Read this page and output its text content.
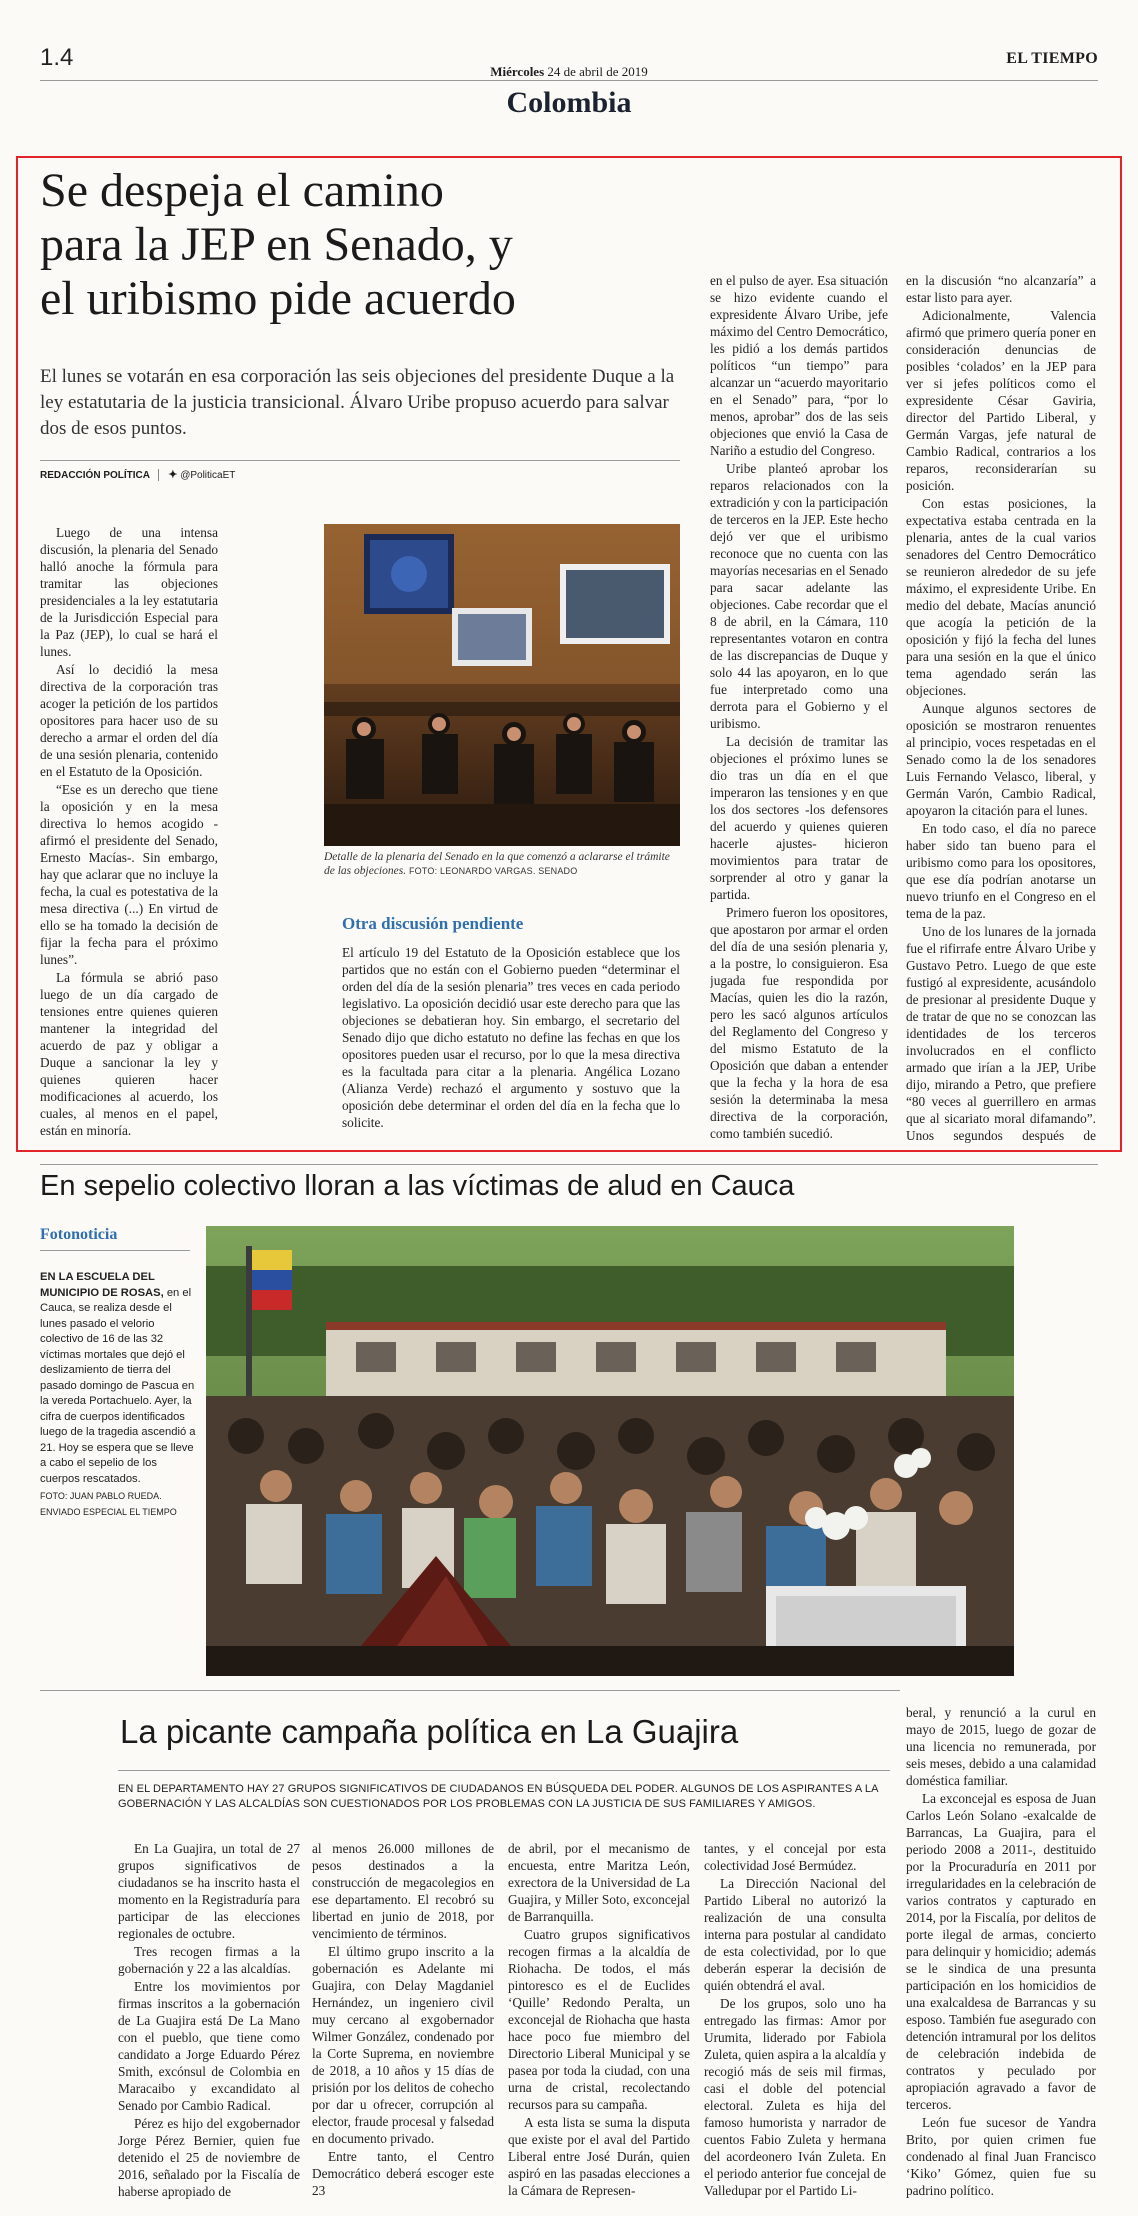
1.4
Miércoles 24 de abril de 2019
Colombia
EL TIEMPO
Se despeja el camino
para la JEP en Senado, y
el uribismo pide acuerdo
El lunes se votarán en esa corporación las seis objeciones del presidente Duque a la ley estatutaria de la justicia transicional. Álvaro Uribe propuso acuerdo para salvar dos de esos puntos.
REDACCIÓN POLÍTICA ✦ @PoliticaET

Luego de una intensa discusión, la plenaria del Senado halló anoche la fórmula para tramitar las objeciones presidenciales a la ley estatutaria de la Jurisdicción Especial para la Paz (JEP), lo cual se hará el lunes.

Así lo decidió la mesa directiva de la corporación tras acoger la petición de los partidos opositores para hacer uso de su derecho a armar el orden del día de una sesión plenaria, contenido en el Estatuto de la Oposición.

“Ese es un derecho que tiene la oposición y en la mesa directiva lo hemos acogido -afirmó el presidente del Senado, Ernesto Macías-. Sin embargo, hay que aclarar que no incluye la fecha, la cual es potestativa de la mesa directiva (...) En virtud de ello se ha tomado la decisión de fijar la fecha para el próximo lunes”.

La fórmula se abrió paso luego de un día cargado de tensiones entre quienes quieren mantener la integridad del acuerdo de paz y obligar a Duque a sancionar la ley y quienes quieren hacer modificaciones al acuerdo, los cuales, al menos en el papel, están en minoría.

Detalle de la plenaria del Senado en la que comenzó a aclararse el trámite de las objeciones. FOTO: LEONARDO VARGAS. SENADO
Otra discusión pendiente
El artículo 19 del Estatuto de la Oposición establece que los partidos que no están con el Gobierno pueden “determinar el orden del día de la sesión plenaria” tres veces en cada periodo legislativo. La oposición decidió usar este derecho para que las objeciones se debatieran hoy. Sin embargo, el secretario del Senado dijo que dicho estatuto no define las fechas en que los opositores pueden usar el recurso, por lo que la mesa directiva es la facultada para citar a la plenaria. Angélica Lozano (Alianza Verde) rechazó el argumento y sostuvo que la oposición debe determinar el orden del día en la fecha que lo solicite.

en el pulso de ayer. Esa situación se hizo evidente cuando el expresidente Álvaro Uribe, jefe máximo del Centro Democrático, les pidió a los demás partidos políticos “un tiempo” para alcanzar un “acuerdo mayoritario en el Senado” para, “por lo menos, aprobar” dos de las seis objeciones que envió la Casa de Nariño a estudio del Congreso.

Uribe planteó aprobar los reparos relacionados con la extradición y con la participación de terceros en la JEP. Este hecho dejó ver que el uribismo reconoce que no cuenta con las mayorías necesarias en el Senado para sacar adelante las objeciones. Cabe recordar que el 8 de abril, en la Cámara, 110 representantes votaron en contra de las discrepancias de Duque y solo 44 las apoyaron, en lo que fue interpretado como una derrota para el Gobierno y el uribismo.

La decisión de tramitar las objeciones el próximo lunes se dio tras un día en el que imperaron las tensiones y en que los dos sectores -los defensores del acuerdo y quienes quieren hacerle ajustes- hicieron movimientos para tratar de sorprender al otro y ganar la partida.

Primero fueron los opositores, que apostaron por armar el orden del día de una sesión plenaria y, a la postre, lo consiguieron. Esa jugada fue respondida por Macías, quien les dio la razón, pero les sacó algunos artículos del Reglamento del Congreso y del mismo Estatuto de la Oposición que daban a entender que la fecha y la hora de esa sesión la determinaba la mesa directiva de la corporación, como también sucedió.

en la discusión “no alcanzaría” a estar listo para ayer.

Adicionalmente, Valencia afirmó que primero quería poner en consideración denuncias de posibles ‘colados’ en la JEP para ver si jefes políticos como el expresidente César Gaviria, director del Partido Liberal, y Germán Vargas, jefe natural de Cambio Radical, contrarios a los reparos, reconsiderarían su posición.

Con estas posiciones, la expectativa estaba centrada en la plenaria, antes de la cual varios senadores del Centro Democrático se reunieron alrededor de su jefe máximo, el expresidente Uribe. En medio del debate, Macías anunció que acogía la petición de la oposición y fijó la fecha del lunes para una sesión en la que el único tema agendado serán las objeciones.

Aunque algunos sectores de oposición se mostraron renuentes al principio, voces respetadas en el Senado como la de los senadores Luis Fernando Velasco, liberal, y Germán Varón, Cambio Radical, apoyaron la citación para el lunes.

En todo caso, el día no parece haber sido tan bueno para el uribismo como para los opositores, que ese día podrían anotarse un nuevo triunfo en el Congreso en el tema de la paz.

Uno de los lunares de la jornada fue el rifirrafe entre Álvaro Uribe y Gustavo Petro. Luego de que este fustigó al expresidente, acusándolo de presionar al presidente Duque y de tratar de que no se conozcan las identidades de los terceros involucrados en el conflicto armado que irían a la JEP, Uribe dijo, mirando a Petro, que prefiere “80 veces al guerrillero en armas que al sicariato moral difamando”. Unos segundos después de

En sepelio colectivo lloran a las víctimas de alud en Cauca
Fotonoticia
EN LA ESCUELA DEL MUNICIPIO DE ROSAS, en el Cauca, se realiza desde el lunes pasado el velorio colectivo de 16 de las 32 víctimas mortales que dejó el deslizamiento de tierra del pasado domingo de Pascua en la vereda Portachuelo. Ayer, la cifra de cuerpos identificados luego de la tragedia ascendió a 21. Hoy se espera que se lleve a cabo el sepelio de los cuerpos rescatados.
FOTO: JUAN PABLO RUEDA. ENVIADO ESPECIAL EL TIEMPO
La picante campaña política en La Guajira
EN EL DEPARTAMENTO HAY 27 GRUPOS SIGNIFICATIVOS DE CIUDADANOS EN BÚSQUEDA DEL PODER. ALGUNOS DE LOS ASPIRANTES A LA GOBERNACIÓN Y LAS ALCALDÍAS SON CUESTIONADOS POR LOS PROBLEMAS CON LA JUSTICIA DE SUS FAMILIARES Y AMIGOS.

En La Guajira, un total de 27 grupos significativos de ciudadanos se ha inscrito hasta el momento en la Registraduría para participar de las elecciones regionales de octubre.

Tres recogen firmas a la gobernación y 22 a las alcaldías.

Entre los movimientos por firmas inscritos a la gobernación de La Guajira está De La Mano con el pueblo, que tiene como candidato a Jorge Eduardo Pérez Smith, excónsul de Colombia en Maracaibo y excandidato al Senado por Cambio Radical.

Pérez es hijo del exgobernador Jorge Pérez Bernier, quien fue detenido el 25 de noviembre de 2016, señalado por la Fiscalía de haberse apropiado de

al menos 26.000 millones de pesos destinados a la construcción de megacolegios en ese departamento. El recobró su libertad en junio de 2018, por vencimiento de términos.

El último grupo inscrito a la gobernación es Adelante mi Guajira, con Delay Magdaniel Hernández, un ingeniero civil muy cercano al exgobernador Wilmer González, condenado por la Corte Suprema, en noviembre de 2018, a 10 años y 15 días de prisión por los delitos de cohecho por dar u ofrecer, corrupción al elector, fraude procesal y falsedad en documento privado.

Entre tanto, el Centro Democrático deberá escoger este 23

de abril, por el mecanismo de encuesta, entre Maritza León, exrectora de la Universidad de La Guajira, y Miller Soto, exconcejal de Barranquilla.

Cuatro grupos significativos recogen firmas a la alcaldía de Riohacha. De todos, el más pintoresco es el de Euclides ‘Quille’ Redondo Peralta, un exconcejal de Riohacha que hasta hace poco fue miembro del Directorio Liberal Municipal y se pasea por toda la ciudad, con una urna de cristal, recolectando recursos para su campaña.

A esta lista se suma la disputa que existe por el aval del Partido Liberal entre José Durán, quien aspiró en las pasadas elecciones a la Cámara de Represen-

tantes, y el concejal por esta colectividad José Bermúdez.

La Dirección Nacional del Partido Liberal no autorizó la realización de una consulta interna para postular al candidato de esta colectividad, por lo que deberán esperar la decisión de quién obtendrá el aval.

De los grupos, solo uno ha entregado las firmas: Amor por Urumita, liderado por Fabiola Zuleta, quien aspira a la alcaldía y recogió más de seis mil firmas, casi el doble del potencial electoral. Zuleta es hija del famoso humorista y narrador de cuentos Fabio Zuleta y hermana del acordeonero Iván Zuleta. En el periodo anterior fue concejal de Valledupar por el Partido Li-

beral, y renunció a la curul en mayo de 2015, luego de gozar de una licencia no remunerada, por seis meses, debido a una calamidad doméstica familiar.

La exconcejal es esposa de Juan Carlos León Solano -exalcalde de Barrancas, La Guajira, para el periodo 2008 a 2011-, destituido por la Procuraduría en 2011 por irregularidades en la celebración de varios contratos y capturado en 2014, por la Fiscalía, por delitos de porte ilegal de armas, concierto para delinquir y homicidio; además se le sindica de una presunta participación en los homicidios de una exalcaldesa de Barrancas y su esposo. También fue asegurado con detención intramural por los delitos de celebración indebida de contratos y peculado por apropiación agravado a favor de terceros.

León fue sucesor de Yandra Brito, por quien crimen fue condenado al final Juan Francisco ‘Kiko’ Gómez, quien fue su padrino político.
